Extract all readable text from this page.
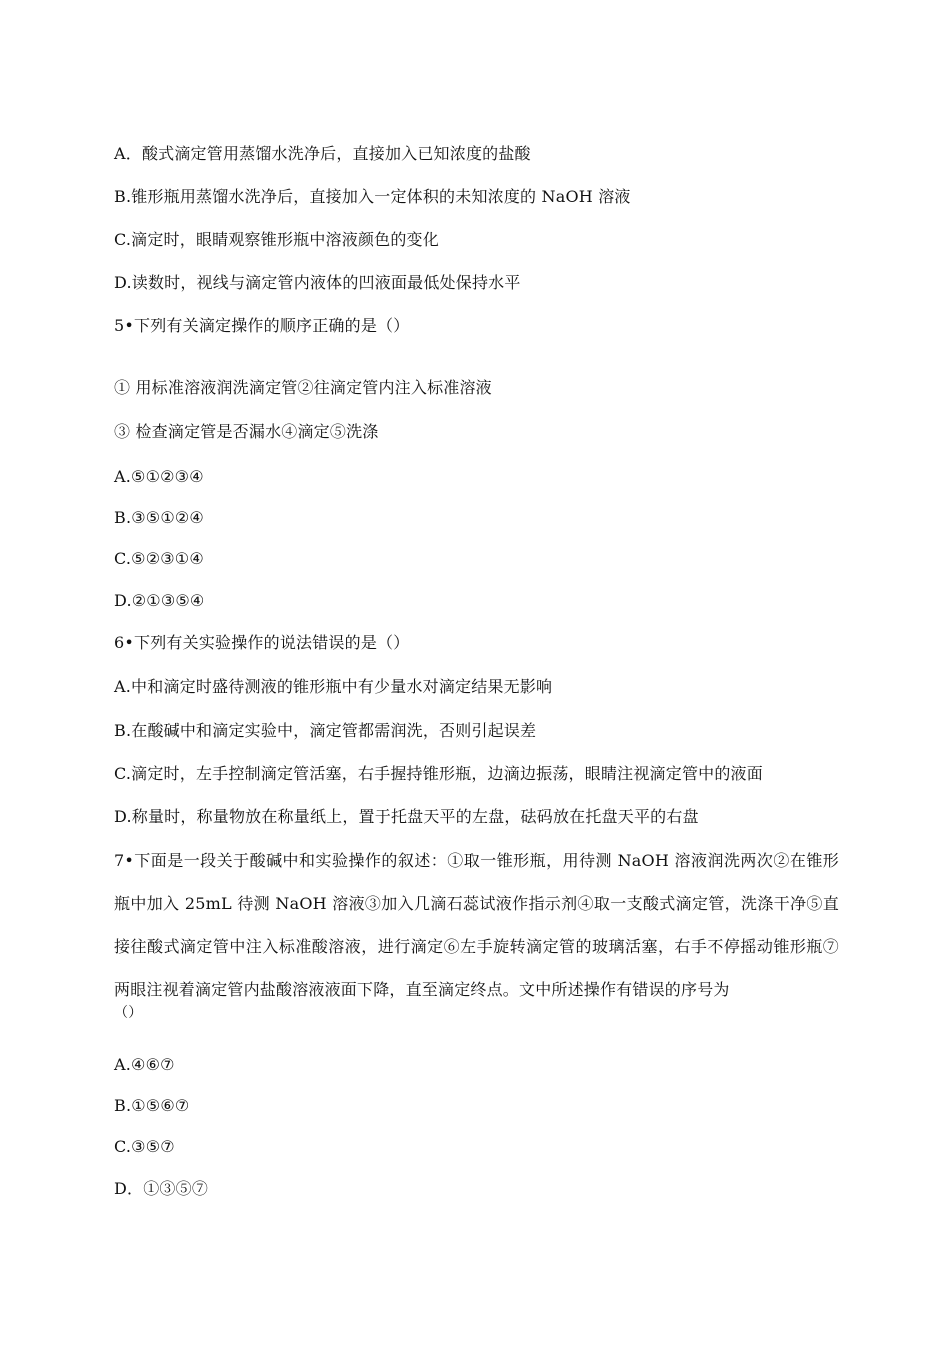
A．酸式滴定管用蒸馏水洗净后，直接加入已知浓度的盐酸
B.锥形瓶用蒸馏水洗净后，直接加入一定体积的未知浓度的 NaOH 溶液
C.滴定时，眼睛观察锥形瓶中溶液颜色的变化
D.读数时，视线与滴定管内液体的凹液面最低处保持水平
5•下列有关滴定操作的顺序正确的是（）
① 用标准溶液润洗滴定管②往滴定管内注入标准溶液
③ 检查滴定管是否漏水④滴定⑤洗涤
A.⑤①②③④
B.③⑤①②④
C.⑤②③①④
D.②①③⑤④
6•下列有关实验操作的说法错误的是（）
A.中和滴定时盛待测液的锥形瓶中有少量水对滴定结果无影响
B.在酸碱中和滴定实验中，滴定管都需润洗，否则引起误差
C.滴定时，左手控制滴定管活塞，右手握持锥形瓶，边滴边振荡，眼睛注视滴定管中的液面
D.称量时，称量物放在称量纸上，置于托盘天平的左盘，砝码放在托盘天平的右盘
7•下面是一段关于酸碱中和实验操作的叙述：①取一锥形瓶，用待测 NaOH 溶液润洗两次②在锥形瓶中加入 25mL 待测 NaOH 溶液③加入几滴石蕊试液作指示剂④取一支酸式滴定管，洗涤干净⑤直接往酸式滴定管中注入标准酸溶液，进行滴定⑥左手旋转滴定管的玻璃活塞，右手不停摇动锥形瓶⑦两眼注视着滴定管内盐酸溶液液面下降，直至滴定终点。文中所述操作有错误的序号为
（）
A.④⑥⑦
B.①⑤⑥⑦
C.③⑤⑦
D．①③⑤⑦
